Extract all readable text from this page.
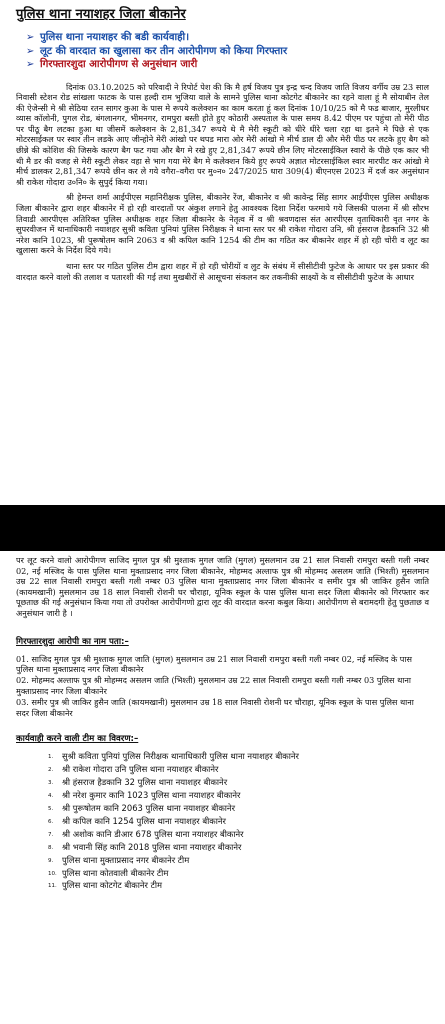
पुलिस थाना नयाशहर जिला बीकानेर
➢ पुलिस थाना नयाशहर की बडी कार्यवाही।
➢ लूट की वारदात का खुलासा कर तीन आरोपीगण को किया गिरफ्तार
➢ गिरफ्तारशुदा आरोपीगण से अनुसंधान जारी

दिनांक 03.10.2025 को परिवादी ने रिपोर्ट पेश की कि मै हर्ष विजय पुत्र इन्द्र चन्द विजय जाति विजय वर्गीय उम्र 23 साल निवासी स्टेशन रोड सांखला फाटक के पास हल्दी राम भुजिया वाले के सामने पुलिस थाना कोटगेट बीकानेर का रहने वाला हूं मै सोयाबीन तेल की ऐजेन्सी मे श्री सेठिया रतन सागर कुआ के पास मे रूपये कलेक्शन का काम करता हूं कल दिनांक 10/10/25 को मै फड बाजार, मुरलीधर व्यास कॉलोनी, पुगल रोड, बंगलानगर, भीमनगर, रामपुरा बस्ती होते हुए कोठारी अस्पताल के पास समय 8.42 पीएम पर पहुंचा तो मेरी पीठ पर पीठू बैग लटका हुआ था जीसमें कलेक्शन के 2,81,347 रूपये थे मै मेरी स्कूटी को धीरे धीरे चला रहा था इतने मे पिछे से एक मोटरसाईकल पर स्वार तीन लडके आए जीन्होने मेरी आंखो पर थपड मारा ओर मेरी आंखो मे मीर्च डाल दी और मेरी पीठ पर लटके हुए बैग को छीन्ने की कोशिश की जिसके कारण बैग फट गया और बैग मे रखे हुए 2,81,347 रूपये छीन लिए मोटरसाईकिल स्वारो के पीछे एक कार भी थी मै डर की वजह से मेरी स्कूटी लेकर वहा से भाग गया मेरे बैग मे कलेक्शन किये हुए रूपये अज्ञात मोटरसाईकिल स्वार मारपीट कर आंखो मे मीर्च डालकर 2,81,347 रूपये छीन कर ले गये वगैरा–वगैरा पर मु०न० 247/2025 धारा 309(4) बीएनएस 2023 में दर्ज कर अनुसंधान श्री राकेश गोदारा उ०नि० के सुपुर्द किया गया।

श्री हेमन्त शर्मा आईपीएस महानिरीक्षक पुलिस, बीकानेर रेंज, बीकानेर व श्री कावेन्द्र सिंह सागर आईपीएस पुलिस अधीक्षक जिला बीकानेर द्वारा शहर बीकानेर में हो रही वारदातों पर अंकुश लगाने हेतु आवश्यक दिशा निर्देश फरमाये गये जिसकी पालना में श्री सौरभ तिवाडी आरपीएस अतिरिक्त पुलिस अधीक्षक शहर जिला बीकानेर के नेतृत्व में व श्री श्रवणदास संत आरपीएस वृताधिकारी वृत नगर के सुपरवीजन में थानाधिकारी नयाशहर सुश्री कविता पुनियां पुलिस निरीक्षक ने थाना स्तर पर श्री राकेश गोदारा उनि, श्री हंसराज हैडकानि 32 श्री नरेश कानि 1023, श्री पुरूषोतम कानि 2063 व श्री कपिल कानि 1254 की टीम का गठित कर बीकानेर शहर में हो रही चोरी व लूट का खुलासा करने के निर्देश दिये गये।

थाना स्तर पर गठित पुलिस टीम द्वारा शहर में हो रही चोरीयों व लुट के संबंध में सीसीटीवी फुटेज के आधार पर इस प्रकार की वारदात करने वालो की तलाश व पतारशी की गई तथा मुखबीरों से आसूचना संकलन कर तकनीकी साक्ष्यों के व सीसीटीवी फुटेज के आधार

पर लूट करने वालो आरोपीगण साजिद मुगल पुत्र श्री मुश्ताक मुगल जाति (मुगल) मुसलमान उम्र 21 साल निवासी रामपुरा बस्ती गली नम्बर 02, नई मस्जिद के पास पुलिस थाना मुक्ताप्रसाद नगर जिला बीकानेर, मोहम्मद अल्ताफ पुत्र श्री मोहम्मद असलम जाति (भिश्ती) मुसलमान उम्र 22 साल निवासी रामपुरा बस्ती गली नम्बर 03 पुलिस थाना मुक्ताप्रसाद नगर जिला बीकानेर व समीर पुत्र श्री जाकिर हुसैन जाति (कायमखानी) मुसलमान उम्र 18 साल निवासी रोशनी घर चौराहा, यूनिक स्कूल के पास पुलिस थाना सदर जिला बीकानेर को गिरफ्तार कर पूछताछ की गई अनुसंधान किया गया तो उपरोक्त आरोपीगणो द्वारा लूट की वारदात करना कबुल किया। आरोपीगण से बरामदगी हेतु पुछताछ व अनुसंधान जारी है ।

गिरफ्तारशुदा आरोपी का नाम पता:–
01. साजिद मुगल पुत्र श्री मुश्ताक मुगल जाति (मुगल) मुसलमान उम्र 21 साल निवासी रामपुरा बस्ती गली नम्बर 02, नई मस्जिद के पास पुलिस थाना मुक्ताप्रसाद नगर जिला बीकानेर
02. मोहम्मद अल्ताफ पुत्र श्री मोहम्मद असलम जाति (भिश्ती) मुसलमान उम्र 22 साल निवासी रामपुरा बस्ती गली नम्बर 03 पुलिस थाना मुक्ताप्रसाद नगर जिला बीकानेर
03. समीर पुत्र श्री जाकिर हुसैन जाति (कायमखानी) मुसलमान उम्र 18 साल निवासी रोशनी घर चौराहा, यूनिक स्कूल के पास पुलिस थाना सदर जिला बीकानेर
कार्यवाही करने वाली टीम का विवरण:–
1.	सुश्री कविता पुनियां पुलिस निरीक्षक थानाधिकारी पुलिस थाना नयाशहर बीकानेर
2.	श्री राकेश गोदारा उनि पुलिस थाना नयाशहर बीकानेर
3.	श्री हंसराज हैडकानि 32 पुलिस थाना नयाशहर बीकानेर
4.	श्री नरेश कुमार कानि 1023 पुलिस थाना नयाशहर बीकानेर
5.	श्री पुरूषोतम कानि 2063 पुलिस थाना नयाशहर बीकानेर
6.	श्री कपिल कानि 1254 पुलिस थाना नयाशहर बीकानेर
7.	श्री अशोक कानि डीआर 678 पुलिस थाना नयाशहर बीकानेर
8.	श्री भवानी सिंह कानि 2018 पुलिस थाना नयाशहर बीकानेर
9.	पुलिस थाना मुक्ताप्रसाद नगर बीकानेर टीम
10. पुलिस थाना कोतवाली बीकानेर टीम
11. पुलिस थाना कोटगेट बीकानेर टीम
